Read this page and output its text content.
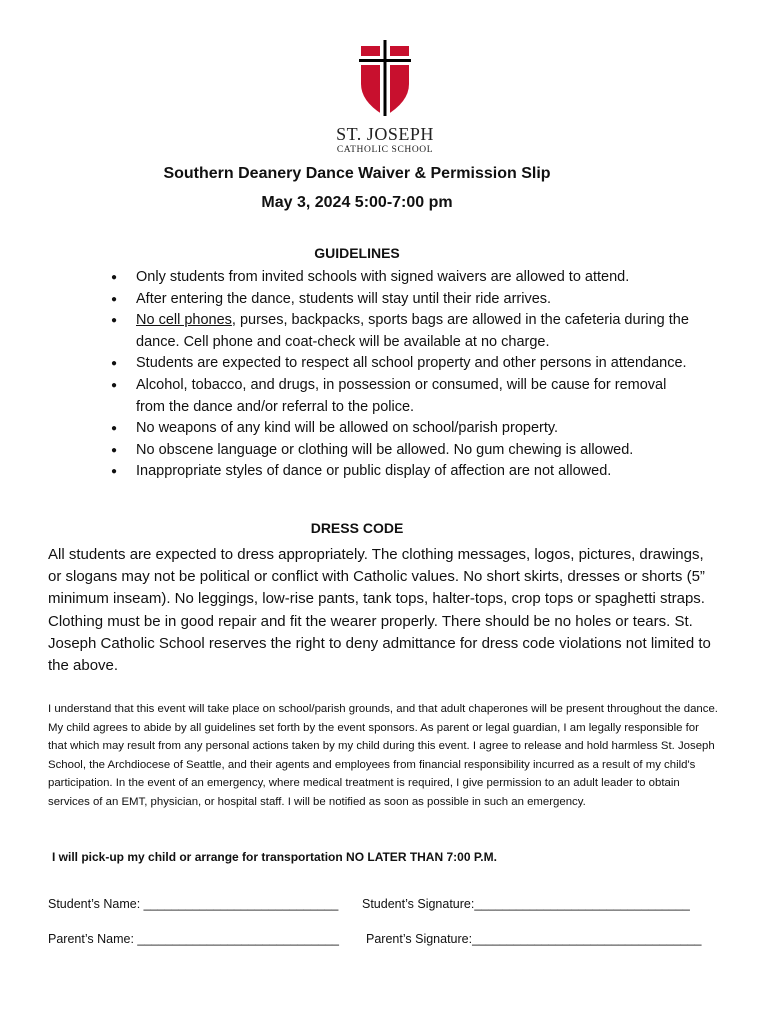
ST. JOSEPH
CATHOLIC SCHOOL
Southern Deanery Dance Waiver & Permission Slip
May 3, 2024 5:00-7:00 pm
GUIDELINES
● Only students from invited schools with signed waivers are allowed to attend.
● After entering the dance, students will stay until their ride arrives.
● No cell phones, purses, backpacks, sports bags are allowed in the cafeteria during the dance. Cell phone and coat-check will be available at no charge.
● Students are expected to respect all school property and other persons in attendance.
● Alcohol, tobacco, and drugs, in possession or consumed, will be cause for removal from the dance and/or referral to the police.
● No weapons of any kind will be allowed on school/parish property.
● No obscene language or clothing will be allowed. No gum chewing is allowed.
● Inappropriate styles of dance or public display of affection are not allowed.
DRESS CODE

All students are expected to dress appropriately. The clothing messages, logos, pictures, drawings, or slogans may not be political or conflict with Catholic values. No short skirts, dresses or shorts (5” minimum inseam). No leggings, low-rise pants, tank tops, halter-tops, crop tops or spaghetti straps. Clothing must be in good repair and fit the wearer properly. There should be no holes or tears. St. Joseph Catholic School reserves the right to deny admittance for dress code violations not limited to the above.

I understand that this event will take place on school/parish grounds, and that adult chaperones will be present throughout the dance. My child agrees to abide by all guidelines set forth by the event sponsors. As parent or legal guardian, I am legally responsible for that which may result from any personal actions taken by my child during this event. I agree to release and hold harmless St. Joseph School, the Archdiocese of Seattle, and their agents and employees from financial responsibility incurred as a result of my child's participation. In the event of an emergency, where medical treatment is required, I give permission to an adult leader to obtain services of an EMT, physician, or hospital staff. I will be notified as soon as possible in such an emergency.

I will pick-up my child or arrange for transportation NO LATER THAN 7:00 P.M.

Student’s Name: ____________________________ Student’s Signature:_______________________________
Parent’s Name: _____________________________ Parent’s Signature:_________________________________
